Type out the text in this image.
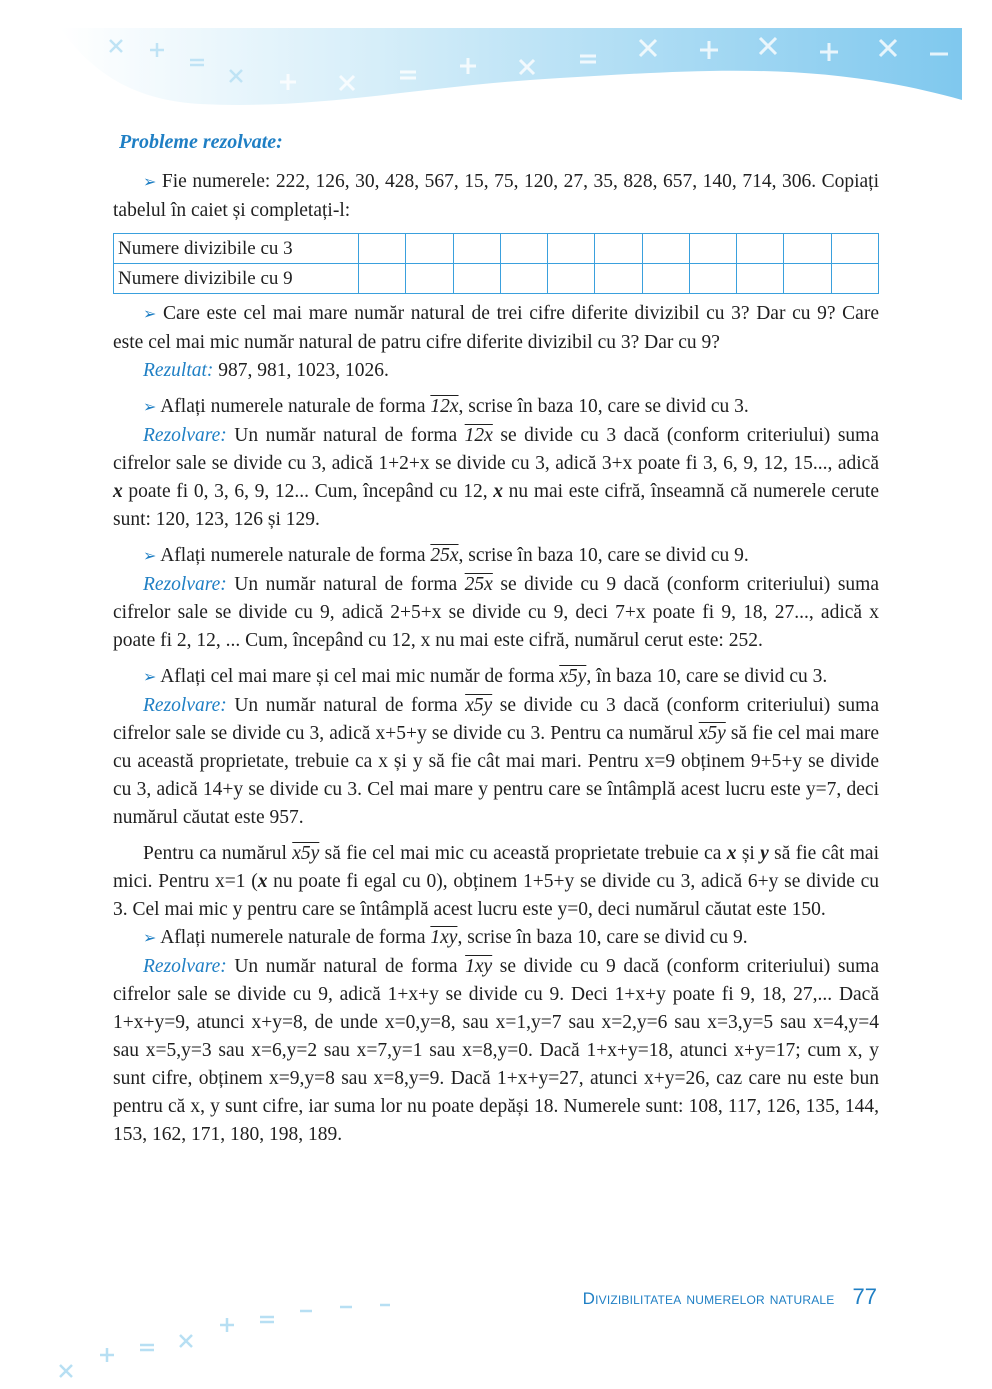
Probleme rezolvate:

➢ Fie numerele: 222, 126, 30, 428, 567, 15, 75, 120, 27, 35, 828, 657, 140, 714, 306. Copiați tabelul în caiet și completați-l:

Numere divizibile cu 3											
Numere divizibile cu 9											

➢ Care este cel mai mare număr natural de trei cifre diferite divizibil cu 3? Dar cu 9? Care este cel mai mic număr natural de patru cifre diferite divizibil cu 3? Dar cu 9?

Rezultat: 987, 981, 1023, 1026.

➢ Aflați numerele naturale de forma 12x, scrise în baza 10, care se divid cu 3.

Rezolvare: Un număr natural de forma 12x se divide cu 3 dacă (conform criteriului) suma cifrelor sale se divide cu 3, adică 1+2+x se divide cu 3, adică 3+x poate fi 3, 6, 9, 12, 15..., adică x poate fi 0, 3, 6, 9, 12... Cum, începând cu 12, x nu mai este cifră, înseamnă că numerele cerute sunt: 120, 123, 126 și 129.

➢ Aflați numerele naturale de forma 25x, scrise în baza 10, care se divid cu 9.

Rezolvare: Un număr natural de forma 25x se divide cu 9 dacă (conform criteriului) suma cifrelor sale se divide cu 9, adică 2+5+x se divide cu 9, deci 7+x poate fi 9, 18, 27..., adică x poate fi 2, 12, ... Cum, începând cu 12, x nu mai este cifră, numărul cerut este: 252.

➢ Aflați cel mai mare și cel mai mic număr de forma x5y, în baza 10, care se divid cu 3.

Rezolvare: Un număr natural de forma x5y se divide cu 3 dacă (conform criteriului) suma cifrelor sale se divide cu 3, adică x+5+y se divide cu 3. Pentru ca numărul x5y să fie cel mai mare cu această proprietate, trebuie ca x și y să fie cât mai mari. Pentru x=9 obținem 9+5+y se divide cu 3, adică 14+y se divide cu 3. Cel mai mare y pentru care se întâmplă acest lucru este y=7, deci numărul căutat este 957.

Pentru ca numărul x5y să fie cel mai mic cu această proprietate trebuie ca x și y să fie cât mai mici. Pentru x=1 (x nu poate fi egal cu 0), obținem 1+5+y se divide cu 3, adică 6+y se divide cu 3. Cel mai mic y pentru care se întâmplă acest lucru este y=0, deci numărul căutat este 150.

➢ Aflați numerele naturale de forma 1xy, scrise în baza 10, care se divid cu 9.

Rezolvare: Un număr natural de forma 1xy se divide cu 9 dacă (conform criteriului) suma cifrelor sale se divide cu 9, adică 1+x+y se divide cu 9. Deci 1+x+y poate fi 9, 18, 27,... Dacă 1+x+y=9, atunci x+y=8, de unde x=0,y=8, sau x=1,y=7 sau x=2,y=6 sau x=3,y=5 sau x=4,y=4 sau x=5,y=3 sau x=6,y=2 sau x=7,y=1 sau x=8,y=0. Dacă 1+x+y=18, atunci x+y=17; cum x, y sunt cifre, obținem x=9,y=8 sau x=8,y=9. Dacă 1+x+y=27, atunci x+y=26, caz care nu este bun pentru că x, y sunt cifre, iar suma lor nu poate depăși 18. Numerele sunt: 108, 117, 126, 135, 144, 153, 162, 171, 180, 198, 189.

Divizibilitatea numerelor naturale 77
